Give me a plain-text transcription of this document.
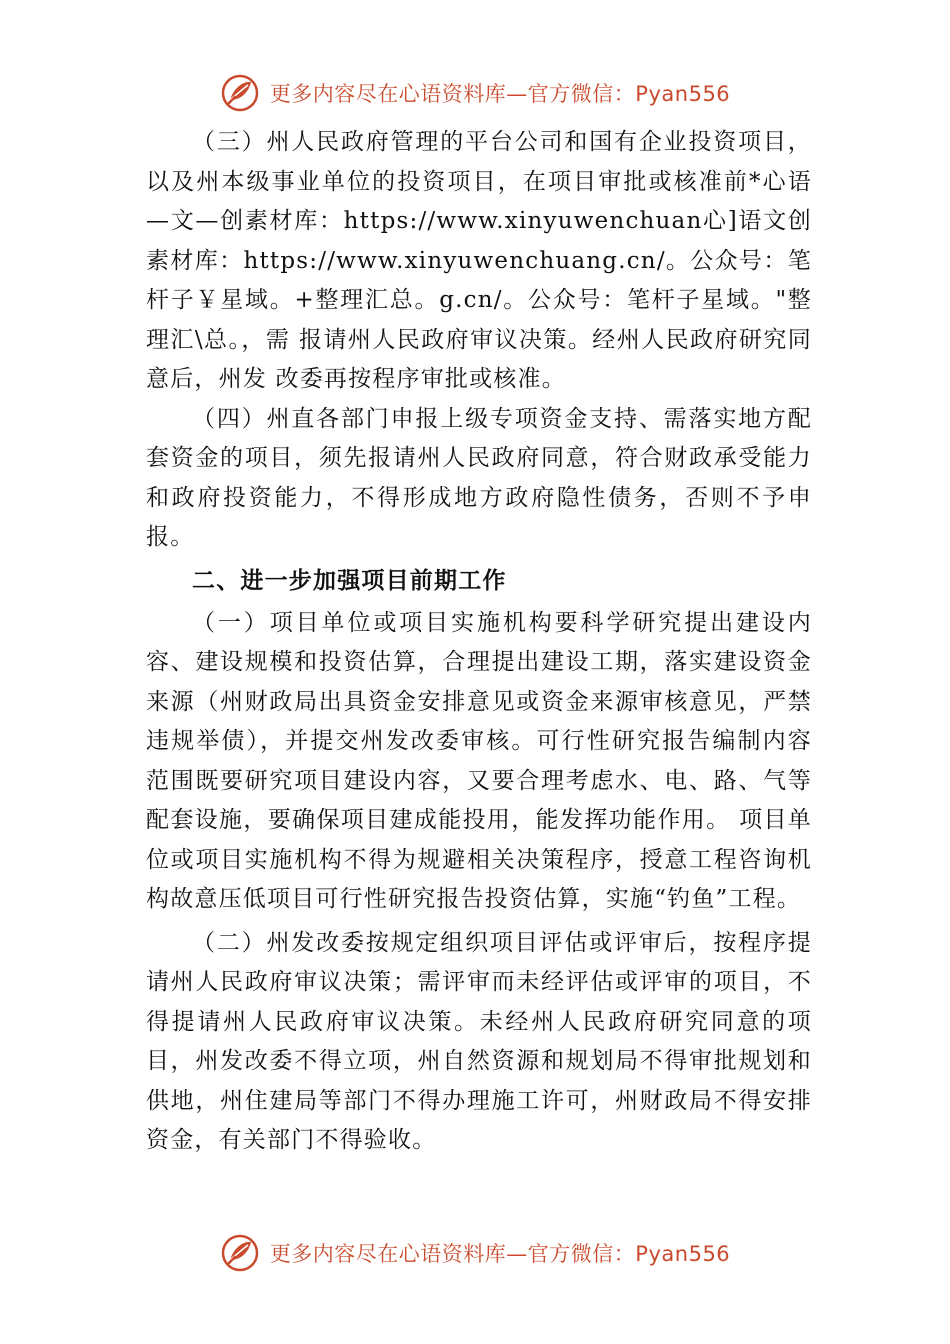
更多内容尽在心语资料库—官方微信：Pyan556

（三）州人民政府管理的平台公司和国有企业投资项目，以及州本级事业单位的投资项目，在项目审批或核准前*心语—文—创素材库：https://www.xinyuwenchuan心]语文创素材库：https://www.xinyuwenchuang.cn/。公众号：笔杆子￥星域。+整理汇总。g.cn/。公众号：笔杆子星域。"整理汇\总。，需 报请州人民政府审议决策。经州人民政府研究同意后，州发 改委再按程序审批或核准。

（四）州直各部门申报上级专项资金支持、需落实地方配套资金的项目，须先报请州人民政府同意，符合财政承受能力和政府投资能力，不得形成地方政府隐性债务，否则不予申报。

二、进一步加强项目前期工作

（一）项目单位或项目实施机构要科学研究提出建设内容、建设规模和投资估算，合理提出建设工期，落实建设资金来源（州财政局出具资金安排意见或资金来源审核意见，严禁违规举债），并提交州发改委审核。可行性研究报告编制内容范围既要研究项目建设内容，又要合理考虑水、电、路、气等配套设施，要确保项目建成能投用，能发挥功能作用。 项目单位或项目实施机构不得为规避相关决策程序，授意工程咨询机构故意压低项目可行性研究报告投资估算，实施“钓鱼”工程。

（二）州发改委按规定组织项目评估或评审后，按程序提请州人民政府审议决策；需评审而未经评估或评审的项目，不得提请州人民政府审议决策。未经州人民政府研究同意的项目，州发改委不得立项，州自然资源和规划局不得审批规划和供地，州住建局等部门不得办理施工许可，州财政局不得安排资金，有关部门不得验收。

更多内容尽在心语资料库—官方微信：Pyan556
